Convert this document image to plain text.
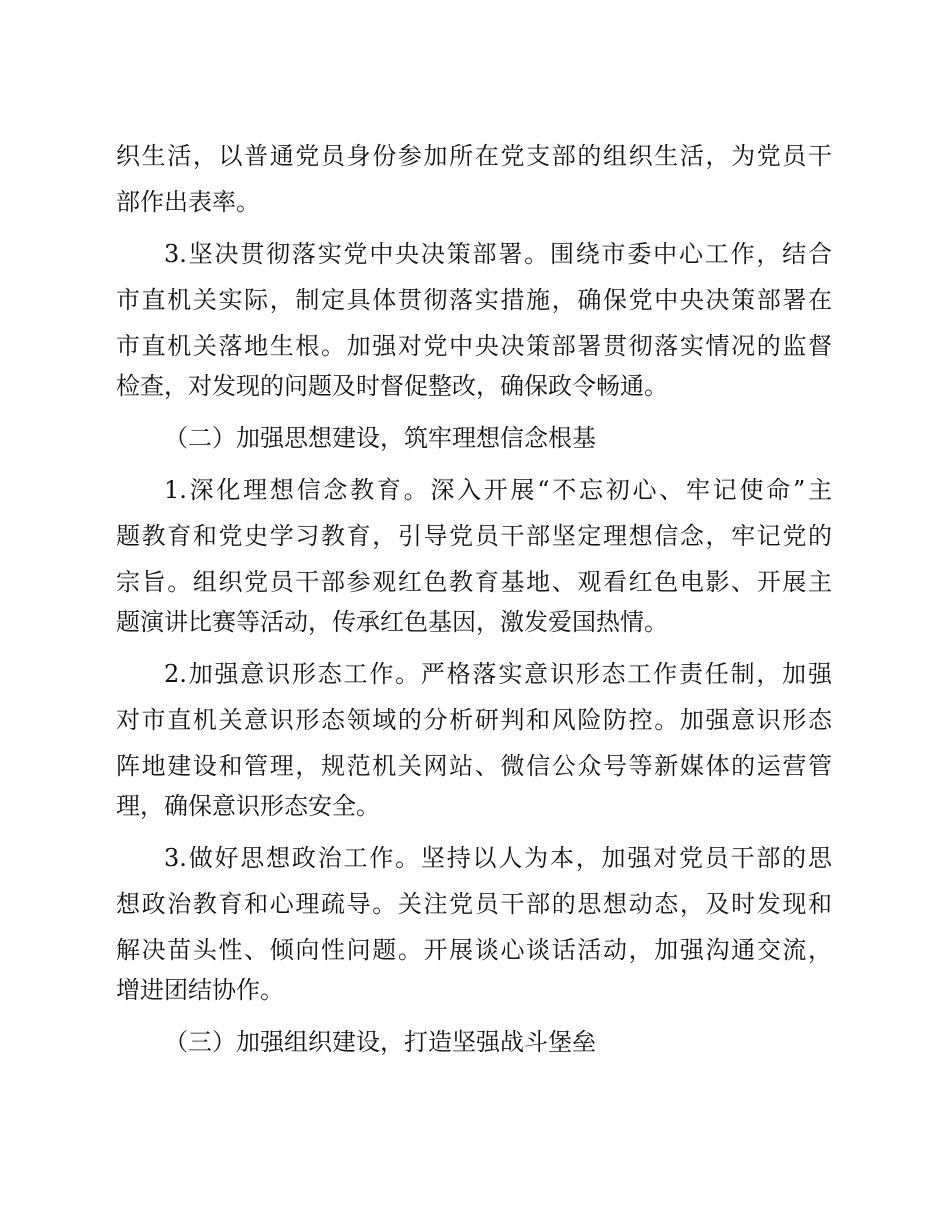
织生活，以普通党员身份参加所在党支部的组织生活，为党员干
部作出表率。
3.坚决贯彻落实党中央决策部署。围绕市委中心工作，结合
市直机关实际，制定具体贯彻落实措施，确保党中央决策部署在
市直机关落地生根。加强对党中央决策部署贯彻落实情况的监督
检查，对发现的问题及时督促整改，确保政令畅通。
（二）加强思想建设，筑牢理想信念根基
1.深化理想信念教育。深入开展“不忘初心、牢记使命”主
题教育和党史学习教育，引导党员干部坚定理想信念，牢记党的
宗旨。组织党员干部参观红色教育基地、观看红色电影、开展主
题演讲比赛等活动，传承红色基因，激发爱国热情。
2.加强意识形态工作。严格落实意识形态工作责任制，加强
对市直机关意识形态领域的分析研判和风险防控。加强意识形态
阵地建设和管理，规范机关网站、微信公众号等新媒体的运营管
理，确保意识形态安全。
3.做好思想政治工作。坚持以人为本，加强对党员干部的思
想政治教育和心理疏导。关注党员干部的思想动态，及时发现和
解决苗头性、倾向性问题。开展谈心谈话活动，加强沟通交流，
增进团结协作。
（三）加强组织建设，打造坚强战斗堡垒
